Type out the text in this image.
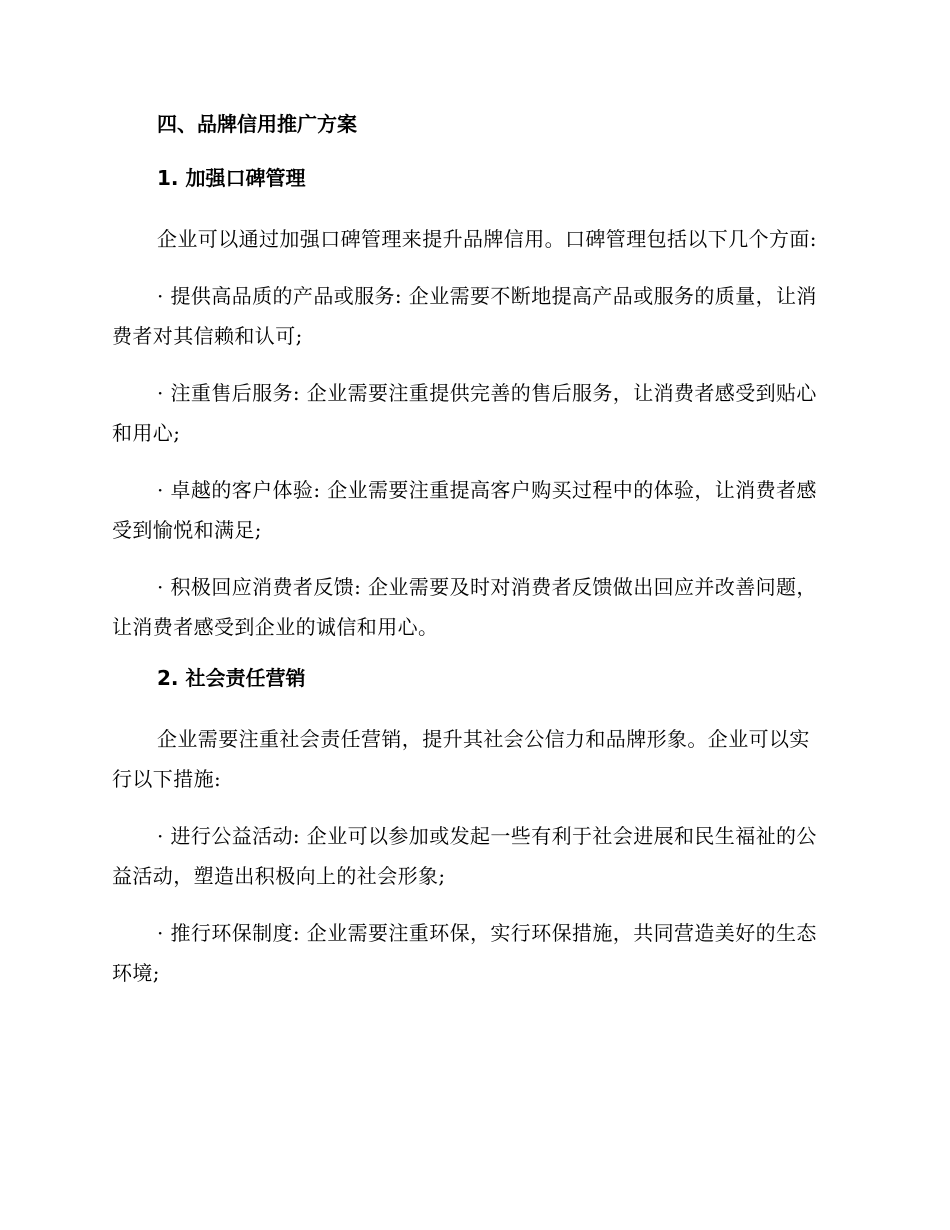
四、品牌信用推广方案
1. 加强口碑管理

企业可以通过加强口碑管理来提升品牌信用。口碑管理包括以下几个方面:

· 提供高品质的产品或服务: 企业需要不断地提高产品或服务的质量，让消费者对其信赖和认可;

· 注重售后服务: 企业需要注重提供完善的售后服务，让消费者感受到贴心和用心;

· 卓越的客户体验: 企业需要注重提高客户购买过程中的体验，让消费者感受到愉悦和满足;

· 积极回应消费者反馈: 企业需要及时对消费者反馈做出回应并改善问题，让消费者感受到企业的诚信和用心。

2. 社会责任营销

企业需要注重社会责任营销，提升其社会公信力和品牌形象。企业可以实行以下措施:

· 进行公益活动: 企业可以参加或发起一些有利于社会进展和民生福祉的公益活动，塑造出积极向上的社会形象;

· 推行环保制度: 企业需要注重环保，实行环保措施，共同营造美好的生态环境;
